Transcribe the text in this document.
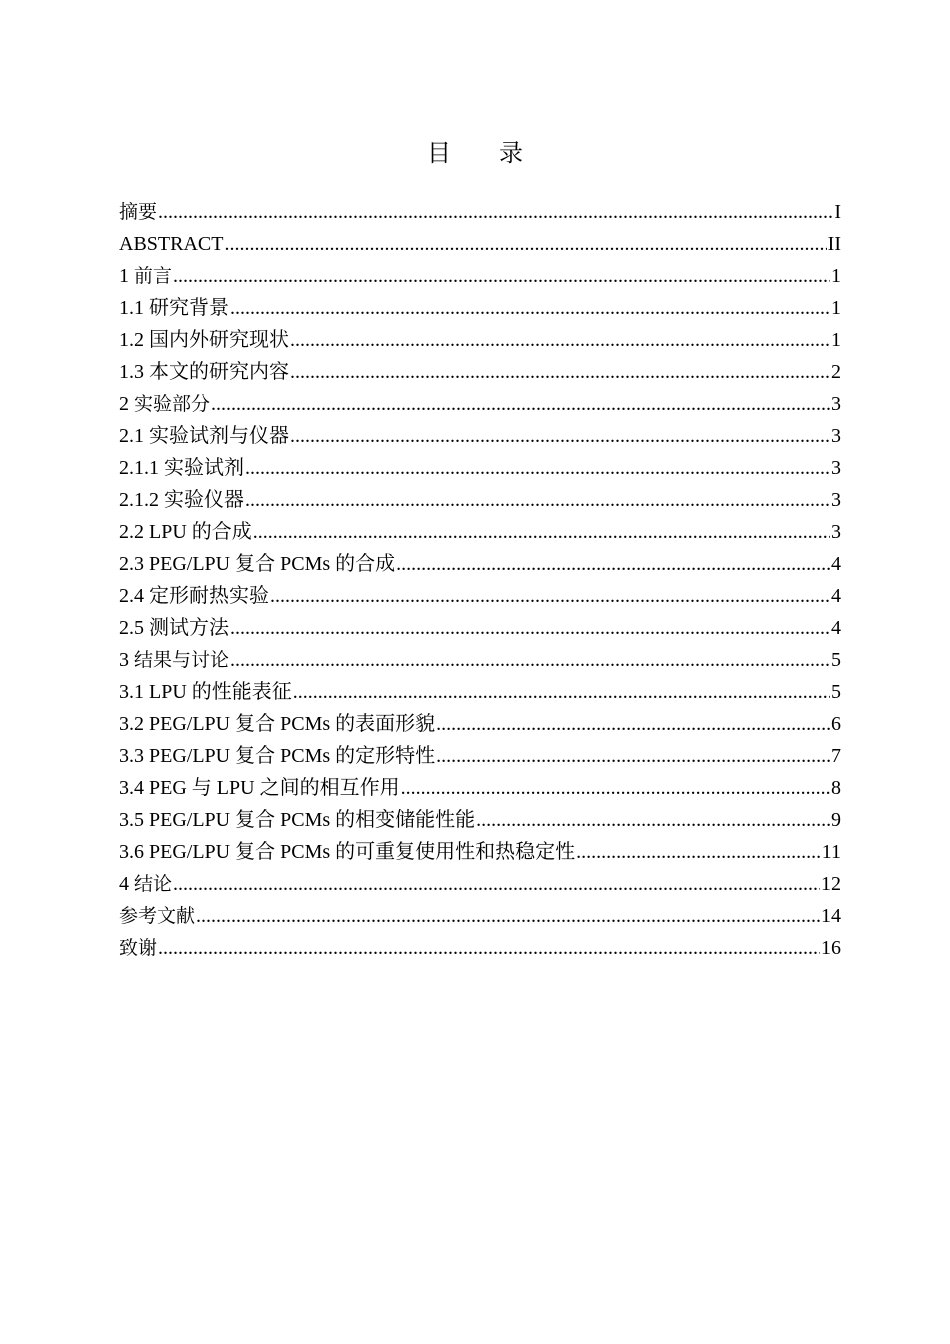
目 录
摘要 .....	I
ABSTRACT .....	II
1 前言 .....	1
1.1 研究背景 .....	1
1.2 国内外研究现状 .....	1
1.3 本文的研究内容 .....	2
2 实验部分 .....	3
2.1 实验试剂与仪器 .....	3
2.1.1 实验试剂 .....	3
2.1.2 实验仪器 .....	3
2.2 LPU 的合成 .....	3
2.3 PEG/LPU 复合 PCMs 的合成 .....	4
2.4 定形耐热实验 .....	4
2.5 测试方法 .....	4
3 结果与讨论 .....	5
3.1 LPU 的性能表征 .....	5
3.2 PEG/LPU 复合 PCMs 的表面形貌 .....	6
3.3 PEG/LPU 复合 PCMs 的定形特性 .....	7
3.4 PEG 与 LPU 之间的相互作用 .....	8
3.5 PEG/LPU 复合 PCMs 的相变储能性能 .....	9
3.6 PEG/LPU 复合 PCMs 的可重复使用性和热稳定性 .....	11
4 结论 .....	12
参考文献 .....	14
致谢 .....	16
